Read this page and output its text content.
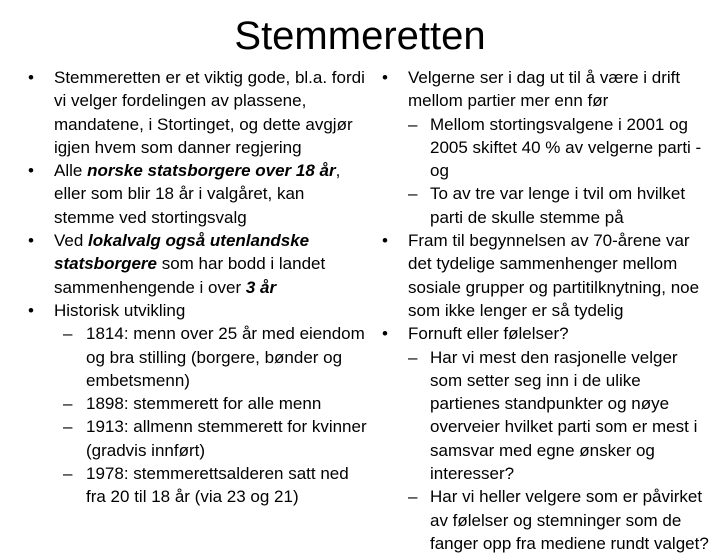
Stemmeretten
• Stemmeretten er et viktig gode, bl.a. fordi vi velger fordelingen av plassene, mandatene, i Stortinget, og dette avgjør igjen hvem som danner regjering
• Alle norske statsborgere over 18 år, eller som blir 18 år i valgåret, kan stemme ved stortingsvalg
• Ved lokalvalg også utenlandske statsborgere som har bodd i landet sammenhengende i over 3 år
• Historisk utvikling
– 1814: menn over 25 år med eiendom og bra stilling (borgere, bønder og embetsmenn)
– 1898: stemmerett for alle menn
– 1913: allmenn stemmerett for kvinner (gradvis innført)
– 1978: stemmerettsalderen satt ned fra 20 til 18 år (via 23 og 21)
• Velgerne ser i dag ut til å være i drift mellom partier mer enn før
– Mellom stortingsvalgene i 2001 og 2005 skiftet 40 % av velgerne parti - og
– To av tre var lenge i tvil om hvilket parti de skulle stemme på
• Fram til begynnelsen av 70-årene var det tydelige sammenhenger mellom sosiale grupper og partitilknytning, noe som ikke lenger er så tydelig
• Fornuft eller følelser?
– Har vi mest den rasjonelle velger som setter seg inn i de ulike partienes standpunkter og nøye overveier hvilket parti som er mest i samsvar med egne ønsker og interesser?
– Har vi heller velgere som er påvirket av følelser og stemninger som de fanger opp fra mediene rundt valget?
